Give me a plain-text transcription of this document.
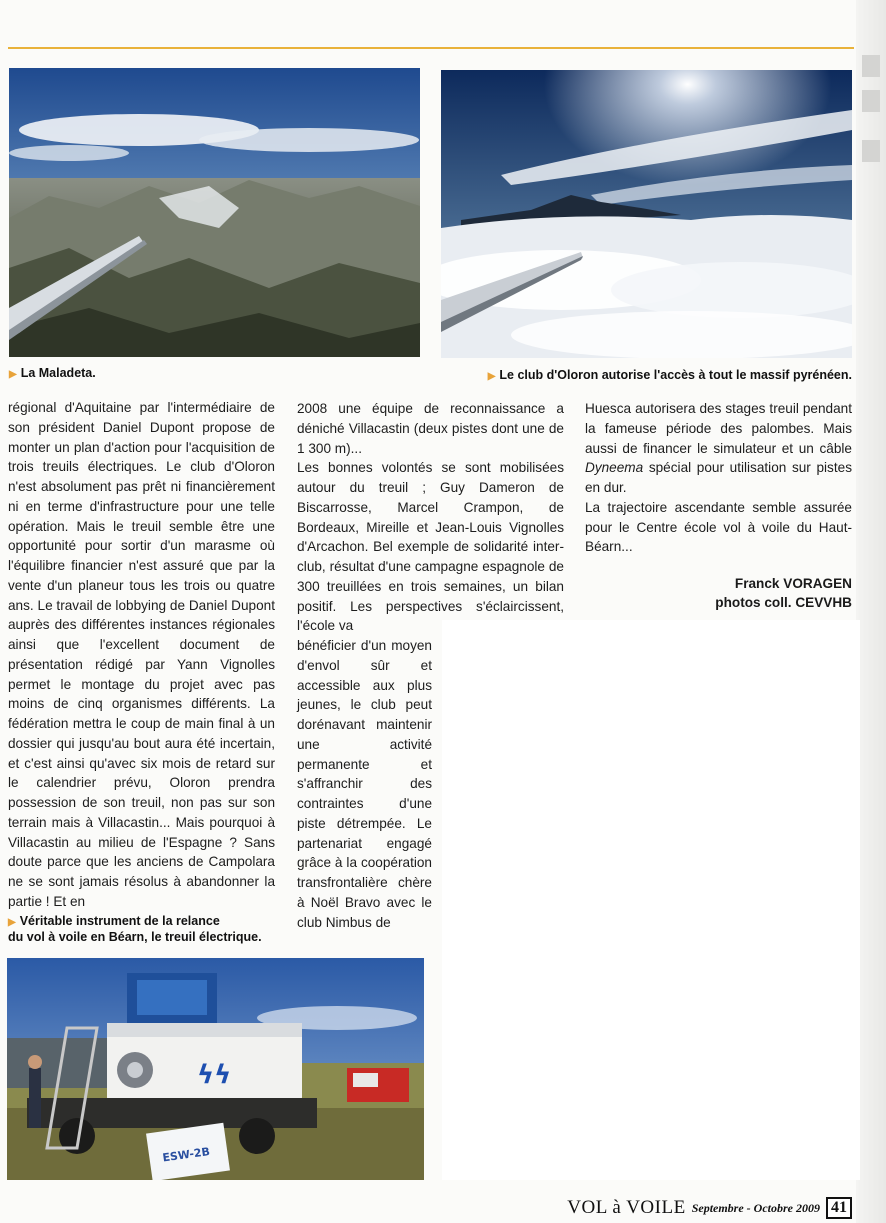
▶ La Maladeta.	▶ Le club d'Oloron autorise l'accès à tout le massif pyrénéen.

régional d'Aquitaine par l'intermédiaire de son président Daniel Dupont propose de monter un plan d'action pour l'acquisition de trois treuils électriques. Le club d'Oloron n'est absolument pas prêt ni financièrement ni en terme d'infrastructure pour une telle opération. Mais le treuil semble être une opportunité pour sortir d'un marasme où l'équilibre financier n'est assuré que par la vente d'un planeur tous les trois ou quatre ans. Le travail de lobbying de Daniel Dupont auprès des différentes instances régionales ainsi que l'excellent document de présentation rédigé par Yann Vignolles permet le montage du projet avec pas moins de cinq organismes différents. La fédération mettra le coup de main final à un dossier qui jusqu'au bout aura été incertain, et c'est ainsi qu'avec six mois de retard sur le calendrier prévu, Oloron prendra possession de son treuil, non pas sur son terrain mais à Villacastin... Mais pourquoi à Villacastin au milieu de l'Espagne ? Sans doute parce que les anciens de Campolara ne se sont jamais résolus à abandonner la partie ! Et en

2008 une équipe de reconnaissance a déniché Villacastin (deux pistes dont une de 1 300 m)...

Les bonnes volontés se sont mobilisées autour du treuil ; Guy Dameron de Biscarrosse, Marcel Crampon, de Bordeaux, Mireille et Jean-Louis Vignolles d'Arcachon. Bel exemple de solidarité inter-club, résultat d'une campagne espagnole de 300 treuillées en trois semaines, un bilan positif. Les perspectives s'éclaircissent, l'école va

bénéficier d'un moyen d'envol sûr et accessible aux plus jeunes, le club peut dorénavant maintenir une activité permanente et s'affranchir des contraintes d'une piste détrempée. Le partenariat engagé grâce à la coopération transfrontalière chère à Noël Bravo avec le club Nimbus de

Huesca autorisera des stages treuil pendant la fameuse période des palombes. Mais aussi de financer le simulateur et un câble Dyneema spécial pour utilisation sur pistes en dur.

La trajectoire ascendante semble assurée pour le Centre école vol à voile du Haut-Béarn...

Franck VORAGEN
photos coll. CEVVHB
▶ Véritable instrument de la relance
du vol à voile en Béarn, le treuil électrique.
ϟϟ
ESW-2B
VOL à VOILE Septembre - Octobre 2009 41
